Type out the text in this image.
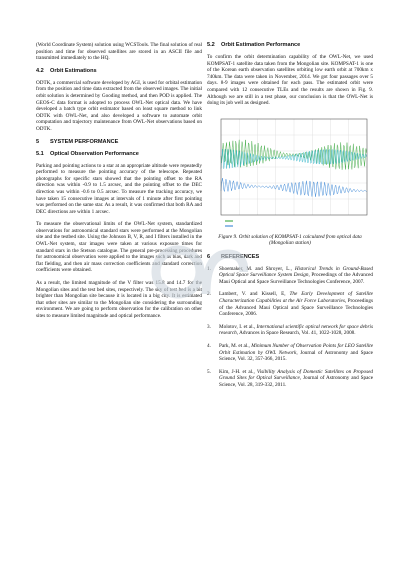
(World Coordinate System) solution using WCSTools. The final solution of real position and time for observed satellites are stored in an ASCII file and transmitted immediately to the HQ.

4.2 Orbit Estimations

ODTK, a commercial software developed by AGI, is used for orbital estimation from the position and time data extracted from the observed images. The initial orbit solution is determined by Gooding method, and then POD is applied. The GEOS-C data format is adopted to process OWL-Net optical data. We have developed a batch type orbit estimator based on least square method to link ODTK with OWL-Net, and also developed a software to automate orbit computation and trajectory maintenance from OWL-Net observations based on ODTK.

5 SYSTEM PERFORMANCE
5.1 Optical Observation Performance

Parking and pointing actions to a star at an appropriate altitude were repeatedly performed to measure the pointing accuracy of the telescope. Repeated photographs for specific stars showed that the pointing offset to the RA direction was within -0.9 to 1.5 arcsec, and the pointing offset to the DEC direction was within -0.6 to 0.5 arcsec. To measure the tracking accuracy, we have taken 15 consecutive images at intervals of 1 minute after first pointing was performed on the same star. As a result, it was confirmed that both RA and DEC directions are within 1 arcsec.

To measure the observational limits of the OWL-Net system, standardized observations for astronomical standard stars were performed at the Mongolian site and the testbed site. Using the Johnson B, V, R, and I filters installed in the OWL-Net system, star images were taken at various exposure times for standard stars in the Stetson catalogue. The general pre-processing procedures for astronomical observation were applied to the images such as bias, dark and flat fielding, and then air mass correction coefficients and standard correction coefficients were obtained.

As a result, the limited magnitude of the V filter was 15.8 and 14.7 for the Mongolian sites and the test bed sites, respectively. The sky of test bed is a bit brighter than Mongolian site because it is located in a big city. It is estimated that other sites are similar to the Mongolian site considering the surrounding environment. We are going to perform observation for the calibration on other sites to measure limited magnitude and optical performance.

5.2 Orbit Estimation Performance

To confirm the orbit determination capability of the OWL-Net, we used KOMPSAT-1 satellite data taken from the Mongolian site. KOMPSAT-1 is one of the Korean earth observation satellites orbiting low earth orbit at 700km x 740km. The data were taken in November, 2014. We got four passages over 5 days. 8-9 images were obtained for each pass. The estimated orbit were compared with 12 consecutive TLEs and the results are shown in Fig. 9. Although we are still in a test phase, our conclusion is that the OWL-Net is doing its job well as designed.

Figure 9. Orbit solution of KOMPSAT-1 calculated from optical data (Mongolian station)
6 REFERENCES
1.	Shoemaker, M. and Shroyer, L., Historical Trends in Ground-Based Optical Space Surveillance System Design, Proceedings of the Advanced Maui Optical and Space Surveillance Technologies Conference, 2007.
2.	Lambert, V. and Kissell, E, The Early Development of Satellite Characterization Capabilities at the Air Force Laboratories, Proceedings of the Advanced Maui Optical and Space Surveillance Technologies Conference, 2006.
3.	Molotov, I. et al., International scientific optical network for space debris research, Advances in Space Research, Vol. 41, 1022-1028, 2008.
4.	Park, M. et al., Minimum Number of Observation Points for LEO Satellite Orbit Estimation by OWL Network, Journal of Astronomy and Space Science, Vol. 32, 357-366, 2015.
5.	Kim, J-H. et al., Visibility Analysis of Domestic Satellites on Proposed Ground Sites for Optical Surveillance, Journal of Astronomy and Space Science, Vol. 28, 319-332, 2011.
